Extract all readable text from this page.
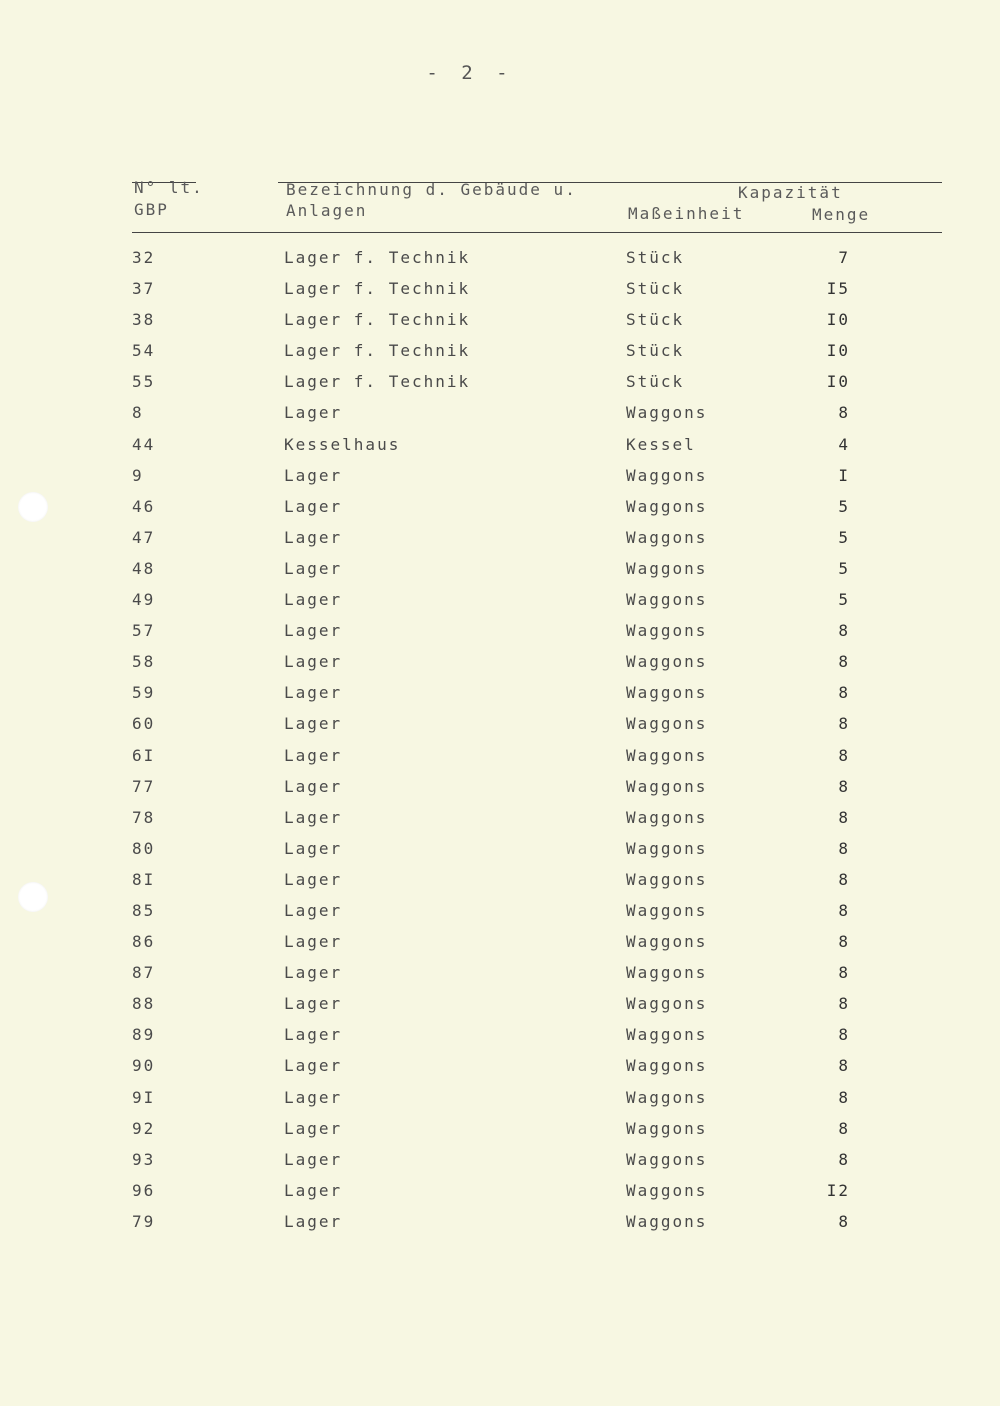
- 2 -
N° lt.
GBP
Bezeichnung d. Gebäude u.
Anlagen
Kapazität
Maßeinheit	Menge
32	Lager f. Technik	Stück	7
37	Lager f. Technik	Stück	I5
38	Lager f. Technik	Stück	I0
54	Lager f. Technik	Stück	I0
55	Lager f. Technik	Stück	I0
8	Lager	Waggons	8
44	Kesselhaus	Kessel	4
9	Lager	Waggons	I
46	Lager	Waggons	5
47	Lager	Waggons	5
48	Lager	Waggons	5
49	Lager	Waggons	5
57	Lager	Waggons	8
58	Lager	Waggons	8
59	Lager	Waggons	8
60	Lager	Waggons	8
6I	Lager	Waggons	8
77	Lager	Waggons	8
78	Lager	Waggons	8
80	Lager	Waggons	8
8I	Lager	Waggons	8
85	Lager	Waggons	8
86	Lager	Waggons	8
87	Lager	Waggons	8
88	Lager	Waggons	8
89	Lager	Waggons	8
90	Lager	Waggons	8
9I	Lager	Waggons	8
92	Lager	Waggons	8
93	Lager	Waggons	8
96	Lager	Waggons	I2
79	Lager	Waggons	8
